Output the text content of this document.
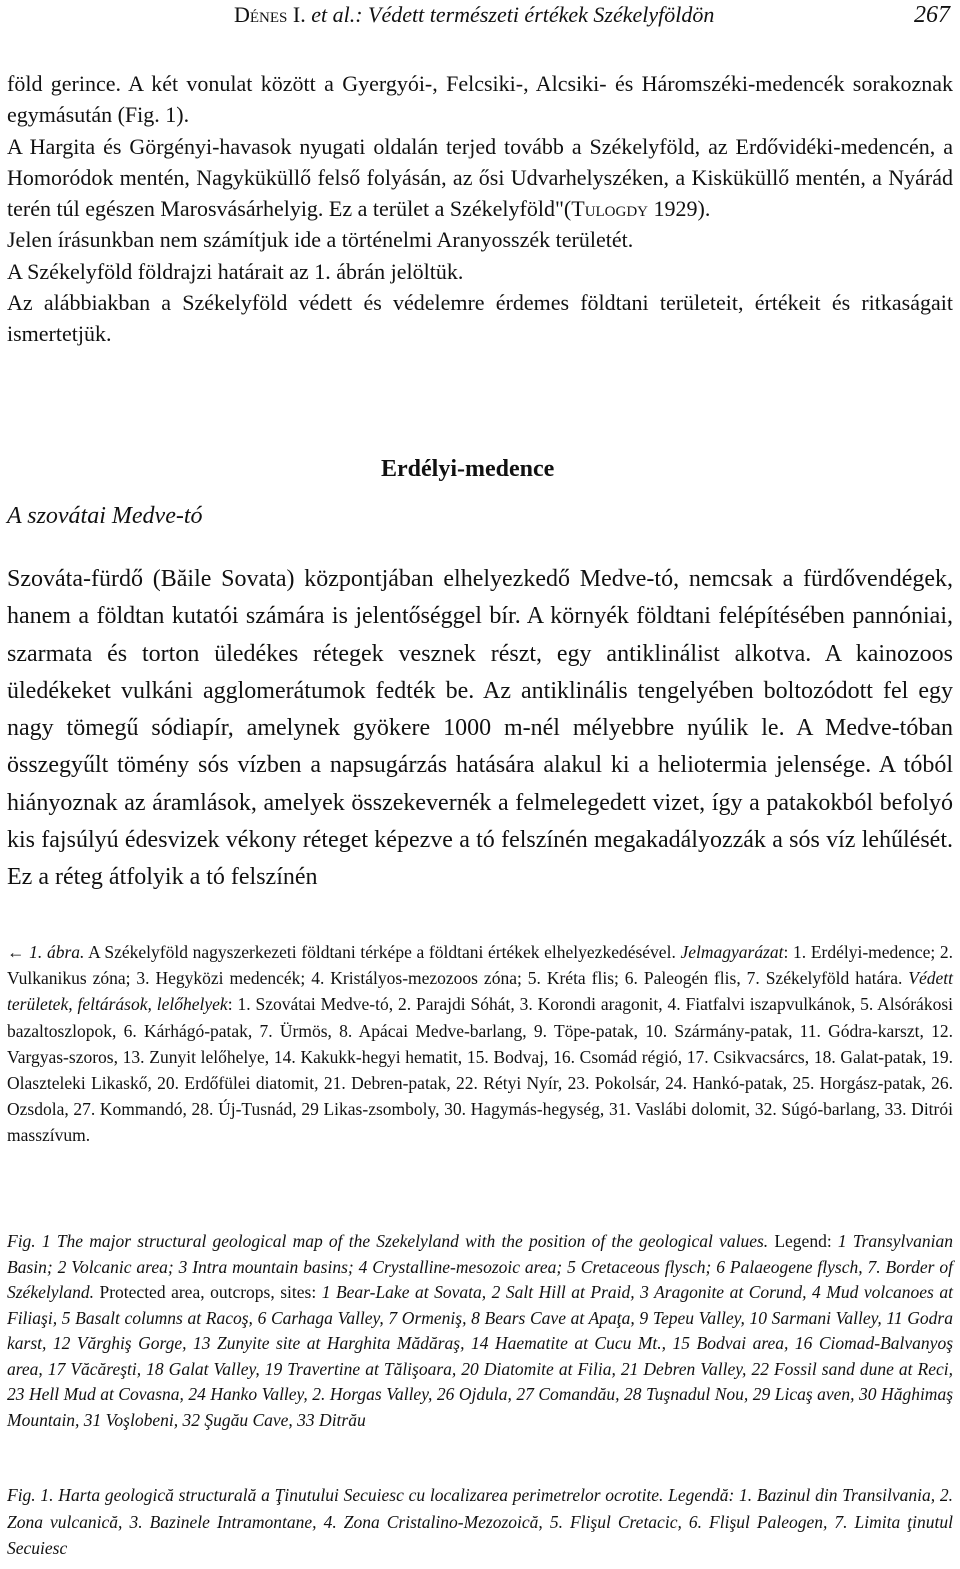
Dénes I. et al.: Védett természeti értékek Székelyföldön	267

föld gerince. A két vonulat között a Gyergyói-, Felcsiki-, Alcsiki- és Háromszéki-medencék sorakoznak egymásután (Fig. 1).

A Hargita és Görgényi-havasok nyugati oldalán terjed tovább a Székelyföld, az Erdővidéki-medencén, a Homoródok mentén, Nagyküküllő felső folyásán, az ősi Udvarhelyszéken, a Kisküküllő mentén, a Nyárád terén túl egészen Marosvásárhelyig. Ez a terület a Székelyföld"(Tulogdy 1929).

Jelen írásunkban nem számítjuk ide a történelmi Aranyosszék területét.

A Székelyföld földrajzi határait az 1. ábrán jelöltük.

Az alábbiakban a Székelyföld védett és védelemre érdemes földtani területeit, értékeit és ritkaságait ismertetjük.

Erdélyi-medence
A szovátai Medve-tó

Szováta-fürdő (Băile Sovata) központjában elhelyezkedő Medve-tó, nemcsak a fürdővendégek, hanem a földtan kutatói számára is jelentőséggel bír. A környék földtani felépítésében pannóniai, szarmata és torton üledékes rétegek vesznek részt, egy antiklinálist alkotva. A kainozoos üledékeket vulkáni agglomerátumok fedték be. Az antiklinális tengelyében boltozódott fel egy nagy tömegű sódiapír, amelynek gyökere 1000 m-nél mélyebbre nyúlik le. A Medve-tóban összegyűlt tömény sós vízben a napsugárzás hatására alakul ki a heliotermia jelensége. A tóból hiányoznak az áramlások, amelyek összekevernék a felmelegedett vizet, így a patakokból befolyó kis fajsúlyú édesvizek vékony réteget képezve a tó felszínén megakadályozzák a sós víz lehűlését. Ez a réteg átfolyik a tó felszínén

← 1. ábra. A Székelyföld nagyszerkezeti földtani térképe a földtani értékek elhelyezkedésével. Jelmagyarázat: 1. Erdélyi-medence; 2. Vulkanikus zóna; 3. Hegyközi medencék; 4. Kristályos-mezozoos zóna; 5. Kréta flis; 6. Paleogén flis, 7. Székelyföld határa. Védett területek, feltárások, lelőhelyek: 1. Szovátai Medve-tó, 2. Parajdi Sóhát, 3. Korondi aragonit, 4. Fiatfalvi iszapvulkánok, 5. Alsórákosi bazaltoszlopok, 6. Kárhágó-patak, 7. Ürmös, 8. Apácai Medve-barlang, 9. Töpe-patak, 10. Szármány-patak, 11. Gódra-karszt, 12. Vargyas-szoros, 13. Zunyit lelőhelye, 14. Kakukk-hegyi hematit, 15. Bodvaj, 16. Csomád régió, 17. Csikvacsárcs, 18. Galat-patak, 19. Olaszteleki Likaskő, 20. Erdőfülei diatomit, 21. Debren-patak, 22. Rétyi Nyír, 23. Pokolsár, 24. Hankó-patak, 25. Horgász-patak, 26. Ozsdola, 27. Kommandó, 28. Új-Tusnád, 29 Likas-zsomboly, 30. Hagymás-hegység, 31. Vaslábi dolomit, 32. Súgó-barlang, 33. Ditrói masszívum.

Fig. 1 The major structural geological map of the Szekelyland with the position of the geological values. Legend: 1 Transylvanian Basin; 2 Volcanic area; 3 Intra mountain basins; 4 Crystalline-mesozoic area; 5 Cretaceous flysch; 6 Palaeogene flysch, 7. Border of Székelyland. Protected area, outcrops, sites: 1 Bear-Lake at Sovata, 2 Salt Hill at Praid, 3 Aragonite at Corund, 4 Mud volcanoes at Filiaşi, 5 Basalt columns at Racoş, 6 Carhaga Valley, 7 Ormeniş, 8 Bears Cave at Apaţa, 9 Tepeu Valley, 10 Sarmani Valley, 11 Godra karst, 12 Vărghiş Gorge, 13 Zunyite site at Harghita Mădăraş, 14 Haematite at Cucu Mt., 15 Bodvai area, 16 Ciomad-Balvanyoş area, 17 Văcăreşti, 18 Galat Valley, 19 Travertine at Tălişoara, 20 Diatomite at Filia, 21 Debren Valley, 22 Fossil sand dune at Reci, 23 Hell Mud at Covasna, 24 Hanko Valley, 2. Horgas Valley, 26 Ojdula, 27 Comandău, 28 Tuşnadul Nou, 29 Licaş aven, 30 Hăghimaş Mountain, 31 Voşlobeni, 32 Şugău Cave, 33 Ditrău

Fig. 1. Harta geologică structurală a Ţinutului Secuiesc cu localizarea perimetrelor ocrotite. Legendă: 1. Bazinul din Transilvania, 2. Zona vulcanică, 3. Bazinele Intramontane, 4. Zona Cristalino-Mezozoică, 5. Flişul Cretacic, 6. Flişul Paleogen, 7. Limita ţinutul Secuiesc
